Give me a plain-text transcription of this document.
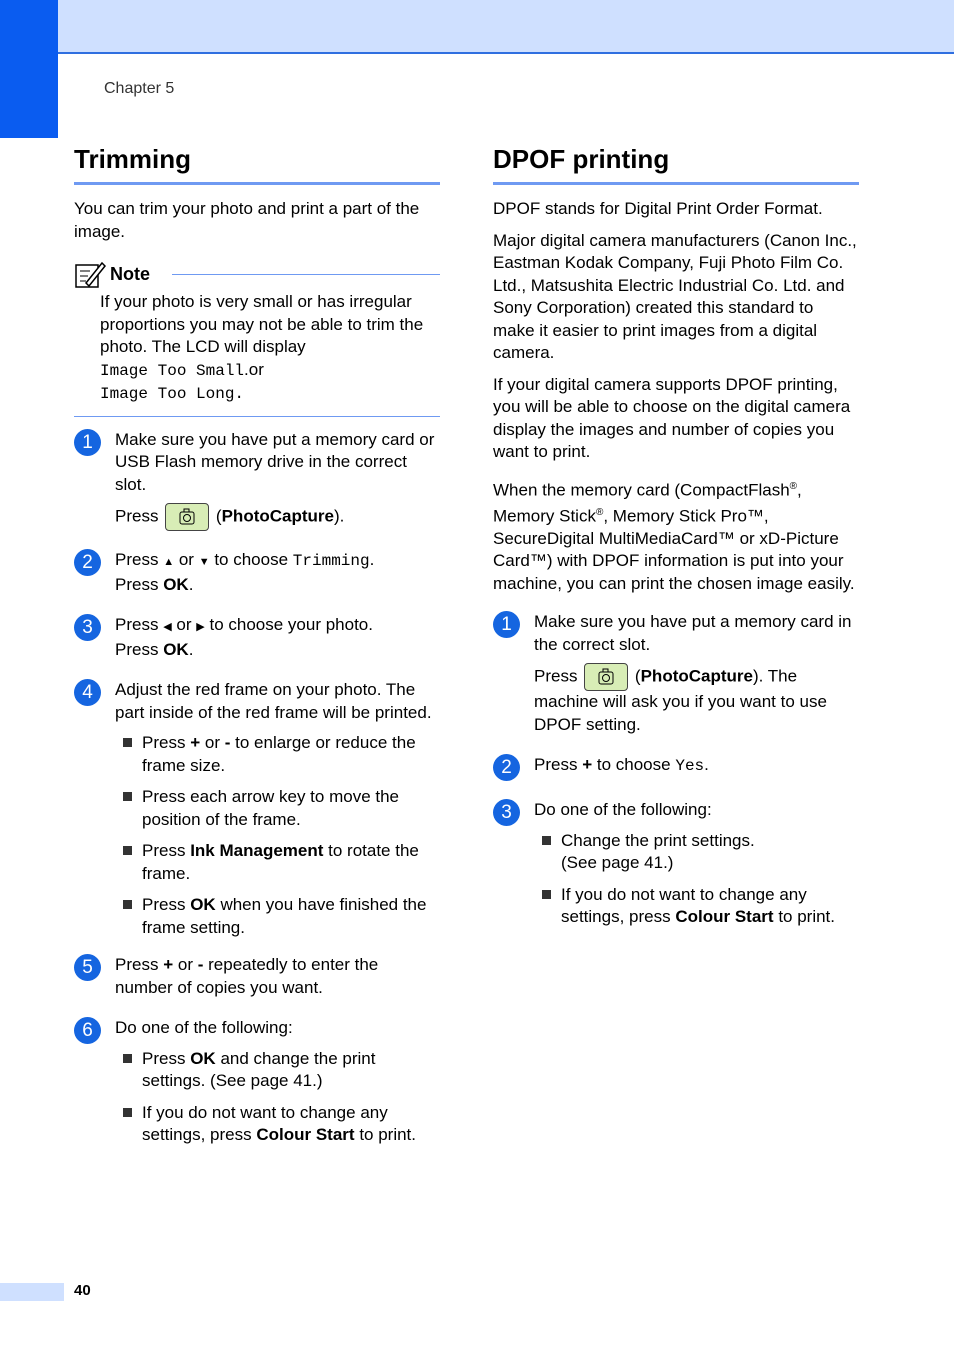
Chapter 5
Trimming

You can trim your photo and print a part of the image.

Note

If your photo is very small or has irregular proportions you may not be able to trim the photo. The LCD will display
Image Too Small.or
Image Too Long.

1	Make sure you have put a memory card or USB Flash memory drive in the correct slot.

Press	(PhotoCapture).

2	Press ▲ or ▼ to choose Trimming.
Press OK.

3	Press ◀ or ▶ to choose your photo.
Press OK.

4	Adjust the red frame on your photo. The part inside of the red frame will be printed.

Press + or - to enlarge or reduce the frame size.

Press each arrow key to move the position of the frame.

Press Ink Management to rotate the frame.

Press OK when you have finished the frame setting.

5	Press + or - repeatedly to enter the number of copies you want.

6	Do one of the following:

Press OK and change the print settings. (See page 41.)

If you do not want to change any settings, press Colour Start to print.

DPOF printing

DPOF stands for Digital Print Order Format.

Major digital camera manufacturers (Canon Inc., Eastman Kodak Company, Fuji Photo Film Co. Ltd., Matsushita Electric Industrial Co. Ltd. and Sony Corporation) created this standard to make it easier to print images from a digital camera.

If your digital camera supports DPOF printing, you will be able to choose on the digital camera display the images and number of copies you want to print.

When the memory card (CompactFlash®, Memory Stick®, Memory Stick Pro™, SecureDigital MultiMediaCard™ or xD-Picture Card™) with DPOF information is put into your machine, you can print the chosen image easily.

1	Make sure you have put a memory card in the correct slot.

Press	(PhotoCapture). The machine will ask you if you want to use DPOF setting.

2	Press + to choose Yes.

3	Do one of the following:

Change the print settings. (See page 41.)

If you do not want to change any settings, press Colour Start to print.

40
